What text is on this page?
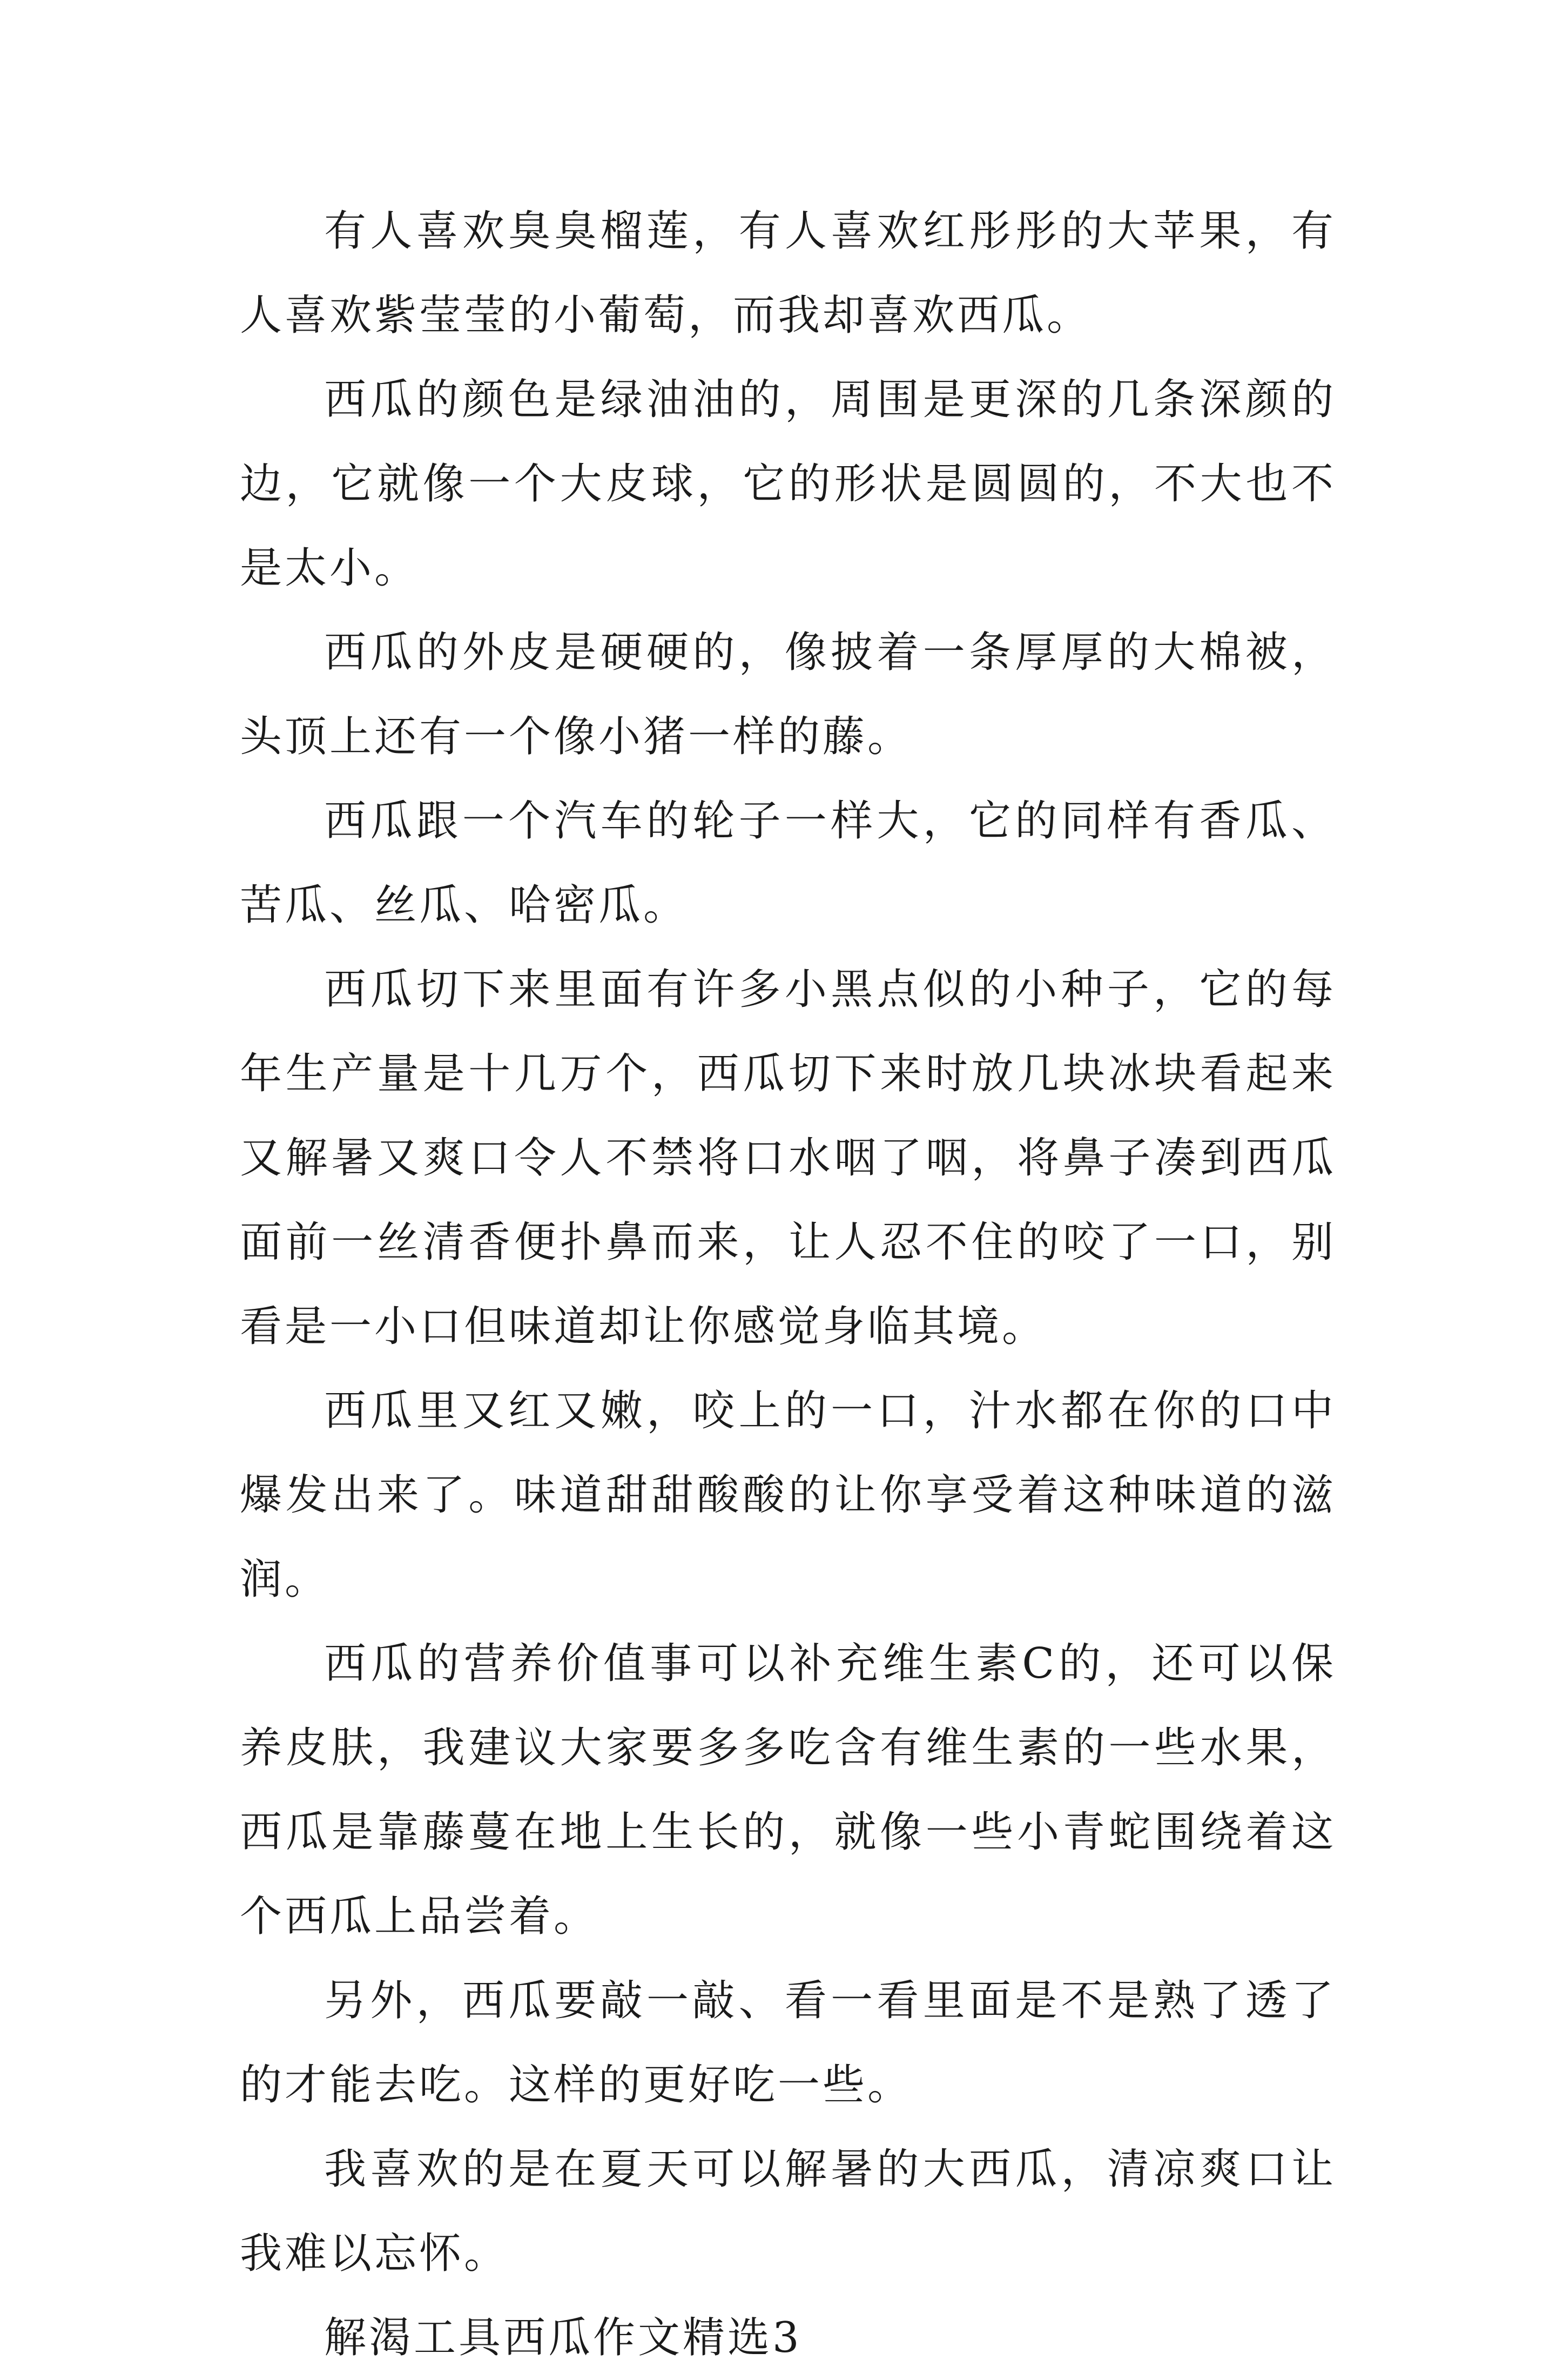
有人喜欢臭臭榴莲，有人喜欢红彤彤的大苹果，有人喜欢紫莹莹的小葡萄，而我却喜欢西瓜。

西瓜的颜色是绿油油的，周围是更深的几条深颜的边，它就像一个大皮球，它的形状是圆圆的，不大也不是太小。

西瓜的外皮是硬硬的，像披着一条厚厚的大棉被，头顶上还有一个像小猪一样的藤。

西瓜跟一个汽车的轮子一样大，它的同样有香瓜、苦瓜、丝瓜、哈密瓜。

西瓜切下来里面有许多小黑点似的小种子，它的每年生产量是十几万个，西瓜切下来时放几块冰块看起来又解暑又爽口令人不禁将口水咽了咽，将鼻子凑到西瓜面前一丝清香便扑鼻而来，让人忍不住的咬了一口，别看是一小口但味道却让你感觉身临其境。

西瓜里又红又嫩，咬上的一口，汁水都在你的口中爆发出来了。味道甜甜酸酸的让你享受着这种味道的滋润。

西瓜的营养价值事可以补充维生素C的，还可以保养皮肤，我建议大家要多多吃含有维生素的一些水果，西瓜是靠藤蔓在地上生长的，就像一些小青蛇围绕着这个西瓜上品尝着。

另外，西瓜要敲一敲、看一看里面是不是熟了透了的才能去吃。这样的更好吃一些。

我喜欢的是在夏天可以解暑的大西瓜，清凉爽口让我难以忘怀。

解渴工具西瓜作文精选3
